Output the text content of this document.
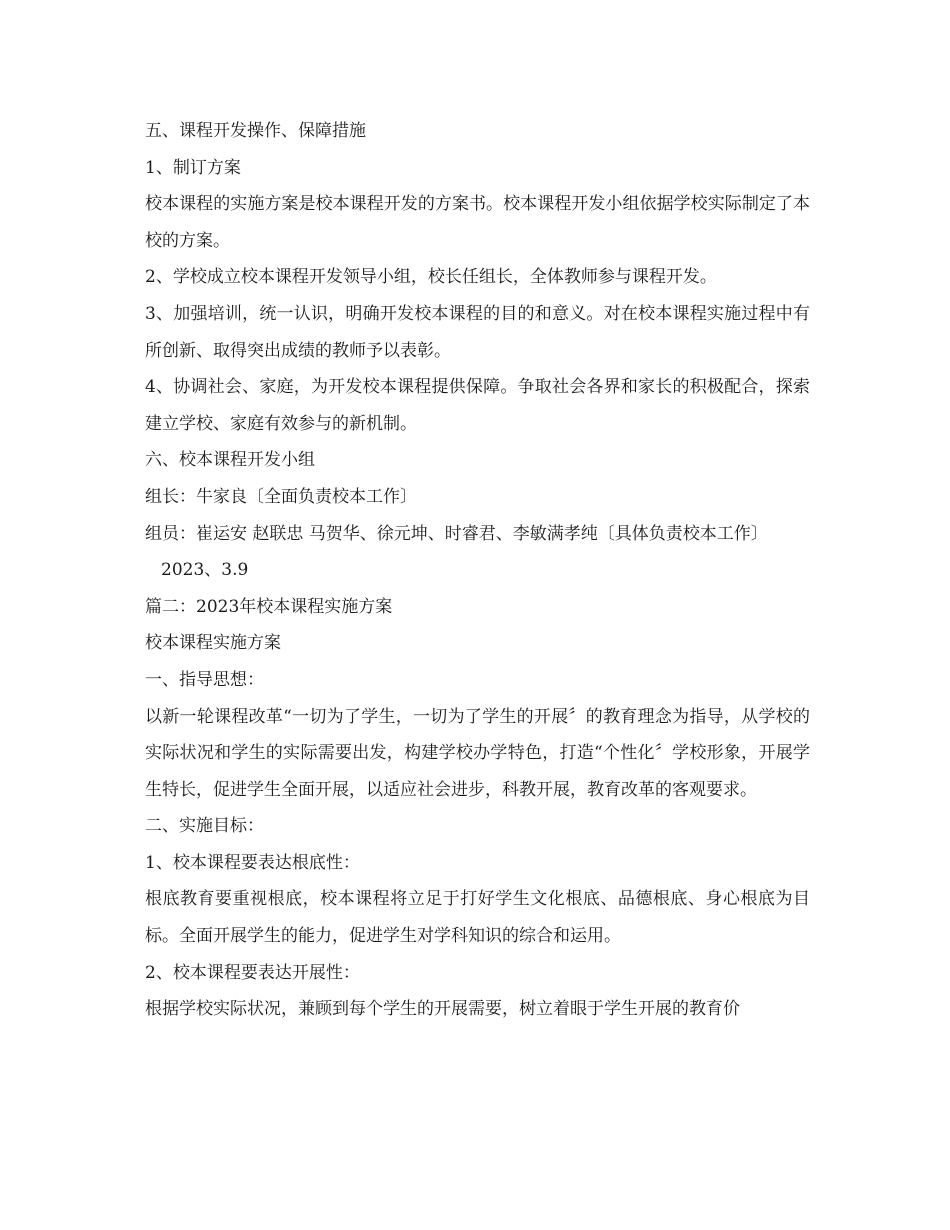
五、课程开发操作、保障措施

1、制订方案

校本课程的实施方案是校本课程开发的方案书。校本课程开发小组依据学校实际制定了本校的方案。

2、学校成立校本课程开发领导小组，校长任组长，全体教师参与课程开发。

3、加强培训，统一认识，明确开发校本课程的目的和意义。对在校本课程实施过程中有所创新、取得突出成绩的教师予以表彰。

4、协调社会、家庭，为开发校本课程提供保障。争取社会各界和家长的积极配合，探索建立学校、家庭有效参与的新机制。

六、校本课程开发小组

组长：牛家良〔全面负责校本工作〕

组员：崔运安 赵联忠 马贺华、徐元坤、时睿君、李敏满孝纯〔具体负责校本工作〕

2023、3.9

篇二：2023年校本课程实施方案

校本课程实施方案

一、指导思想：

以新一轮课程改革“一切为了学生，一切为了学生的开展〞的教育理念为指导，从学校的实际状况和学生的实际需要出发，构建学校办学特色，打造“个性化〞学校形象，开展学生特长，促进学生全面开展，以适应社会进步，科教开展，教育改革的客观要求。

二、实施目标：

1、校本课程要表达根底性：

根底教育要重视根底，校本课程将立足于打好学生文化根底、品德根底、身心根底为目标。全面开展学生的能力，促进学生对学科知识的综合和运用。

2、校本课程要表达开展性：

根据学校实际状况，兼顾到每个学生的开展需要，树立着眼于学生开展的教育价
